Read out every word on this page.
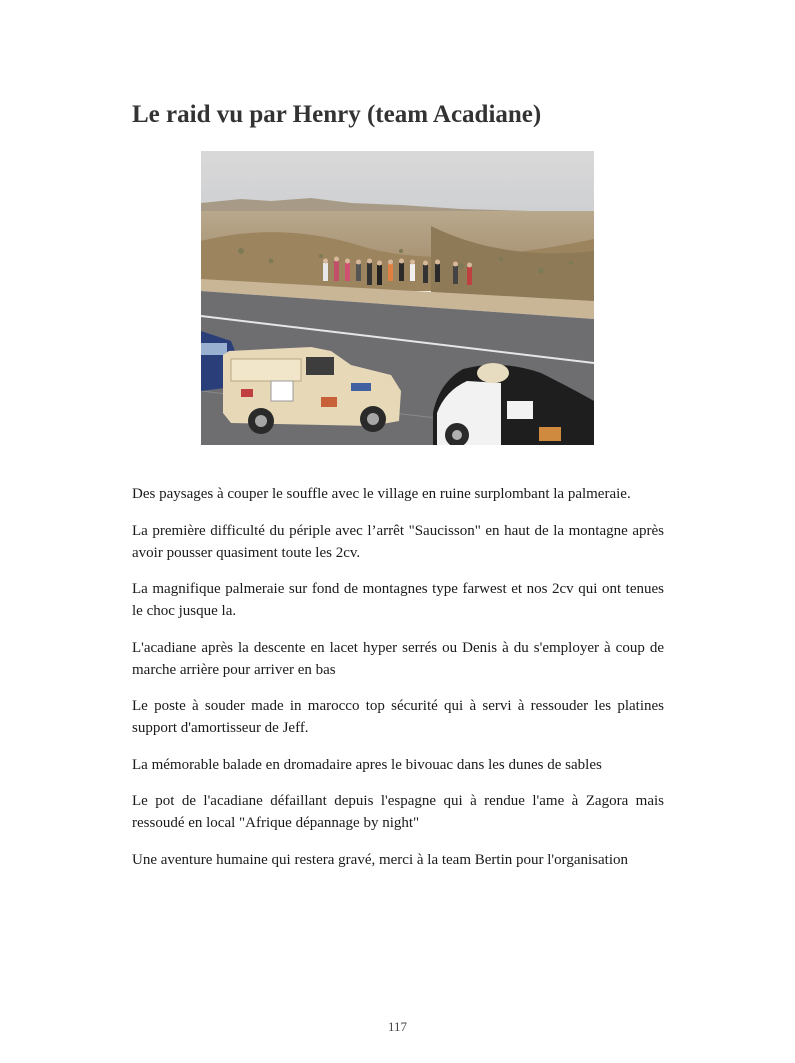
Le raid vu par Henry (team Acadiane)

Des paysages à couper le souffle avec le village en ruine surplombant la palmeraie.

La première difficulté du périple avec l’arrêt "Saucisson" en haut de la montagne après avoir pousser quasiment toute les 2cv.

La magnifique palmeraie sur fond de montagnes type farwest et nos 2cv qui ont tenues le choc jusque la.

L'acadiane après la descente en lacet hyper serrés ou Denis à du s'employer à coup de marche arrière pour arriver en bas

Le poste à souder made in marocco top sécurité qui à servi à ressouder les platines support d'amortisseur de Jeff.

La mémorable balade en dromadaire apres le bivouac dans les dunes de sables

Le pot de l'acadiane défaillant depuis l'espagne qui à rendue l'ame à Zagora mais ressoudé en local "Afrique dépannage by night"

Une aventure humaine qui restera gravé, merci à la team Bertin pour l'organisation

117
